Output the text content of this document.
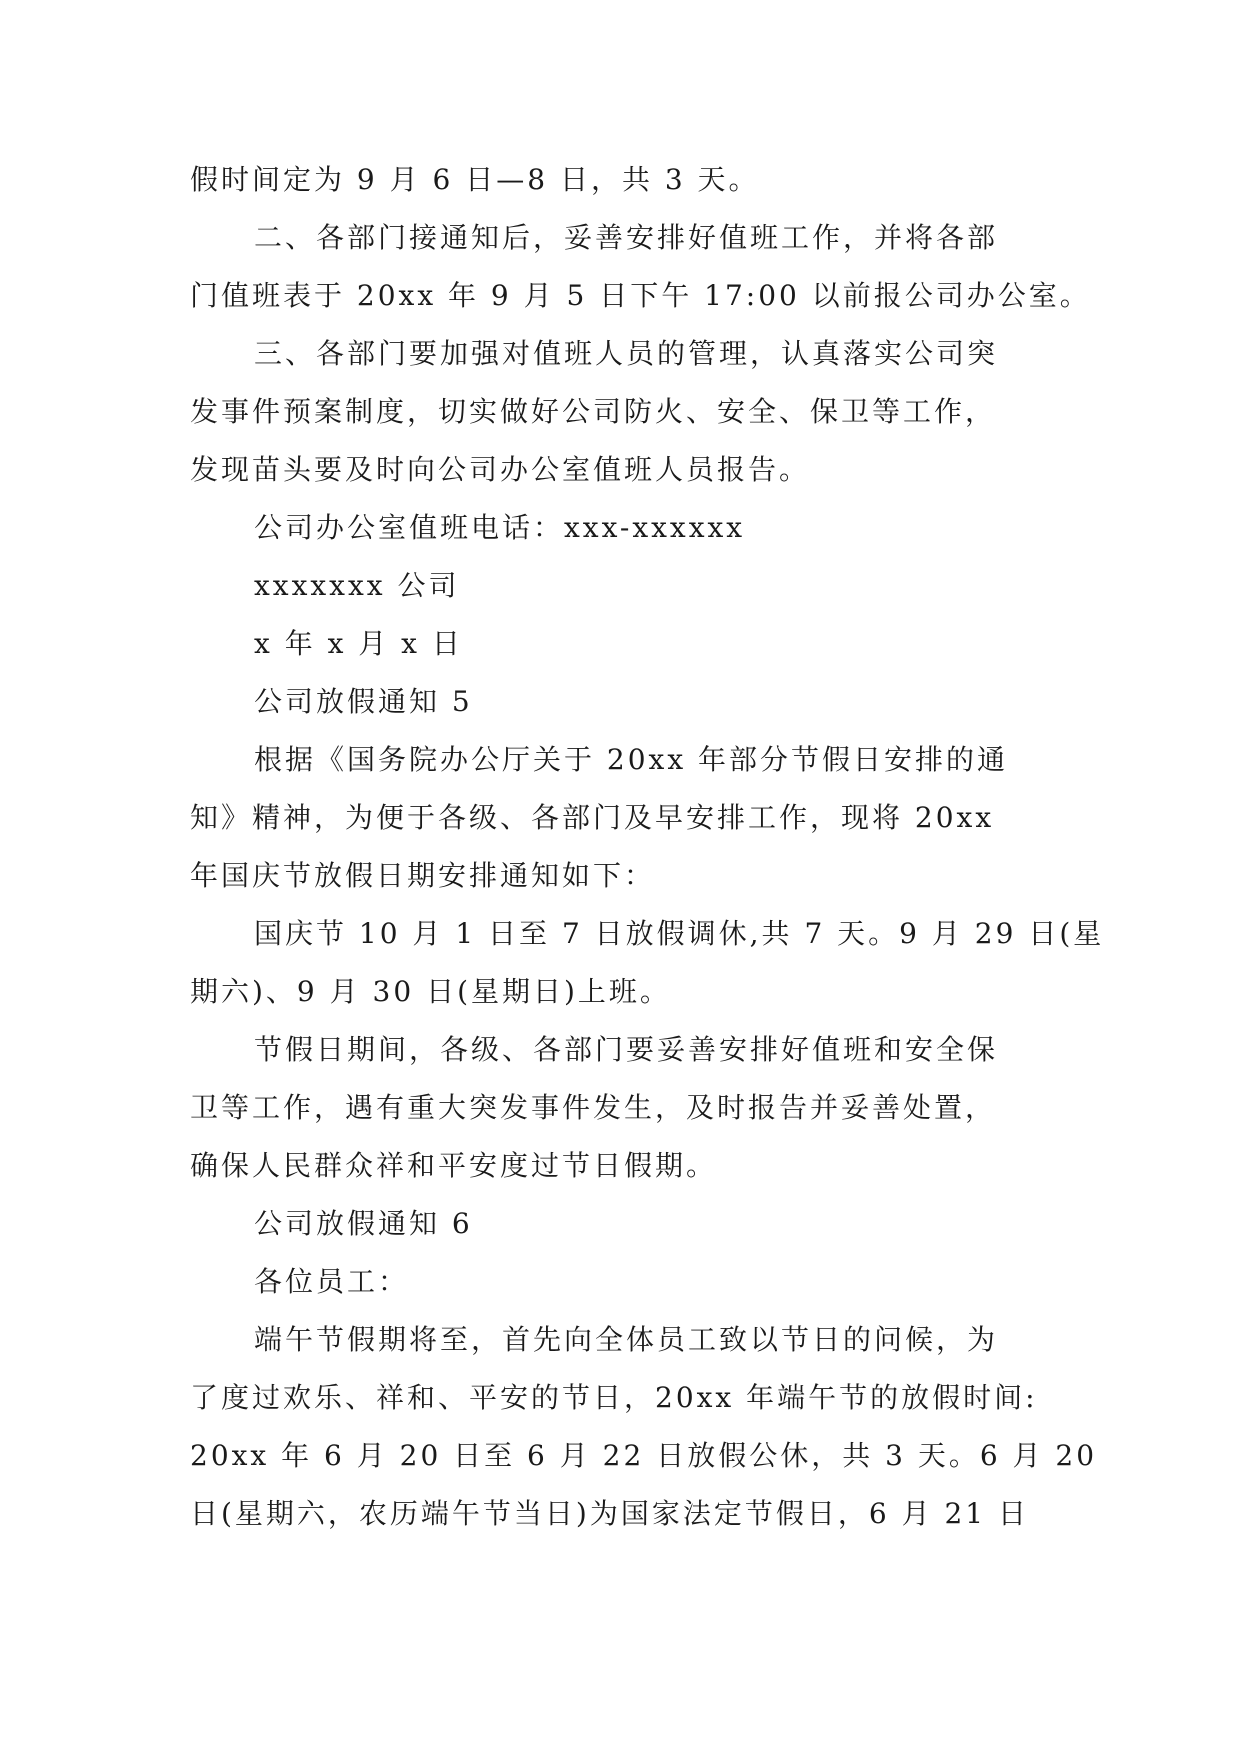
假时间定为 9 月 6 日—8 日，共 3 天。
二、各部门接通知后，妥善安排好值班工作，并将各部
门值班表于 20xx 年 9 月 5 日下午 17:00 以前报公司办公室。
三、各部门要加强对值班人员的管理，认真落实公司突
发事件预案制度，切实做好公司防火、安全、保卫等工作，
发现苗头要及时向公司办公室值班人员报告。
公司办公室值班电话：xxx-xxxxxx
xxxxxxx 公司
x 年 x 月 x 日
公司放假通知 5
根据《国务院办公厅关于 20xx 年部分节假日安排的通
知》精神，为便于各级、各部门及早安排工作，现将 20xx
年国庆节放假日期安排通知如下：
国庆节 10 月 1 日至 7 日放假调休,共 7 天。9 月 29 日(星
期六)、9 月 30 日(星期日)上班。
节假日期间，各级、各部门要妥善安排好值班和安全保
卫等工作，遇有重大突发事件发生，及时报告并妥善处置，
确保人民群众祥和平安度过节日假期。
公司放假通知 6
各位员工：
端午节假期将至，首先向全体员工致以节日的问候，为
了度过欢乐、祥和、平安的节日，20xx 年端午节的放假时间:
20xx 年 6 月 20 日至 6 月 22 日放假公休，共 3 天。6 月 20
日(星期六，农历端午节当日)为国家法定节假日，6 月 21 日
